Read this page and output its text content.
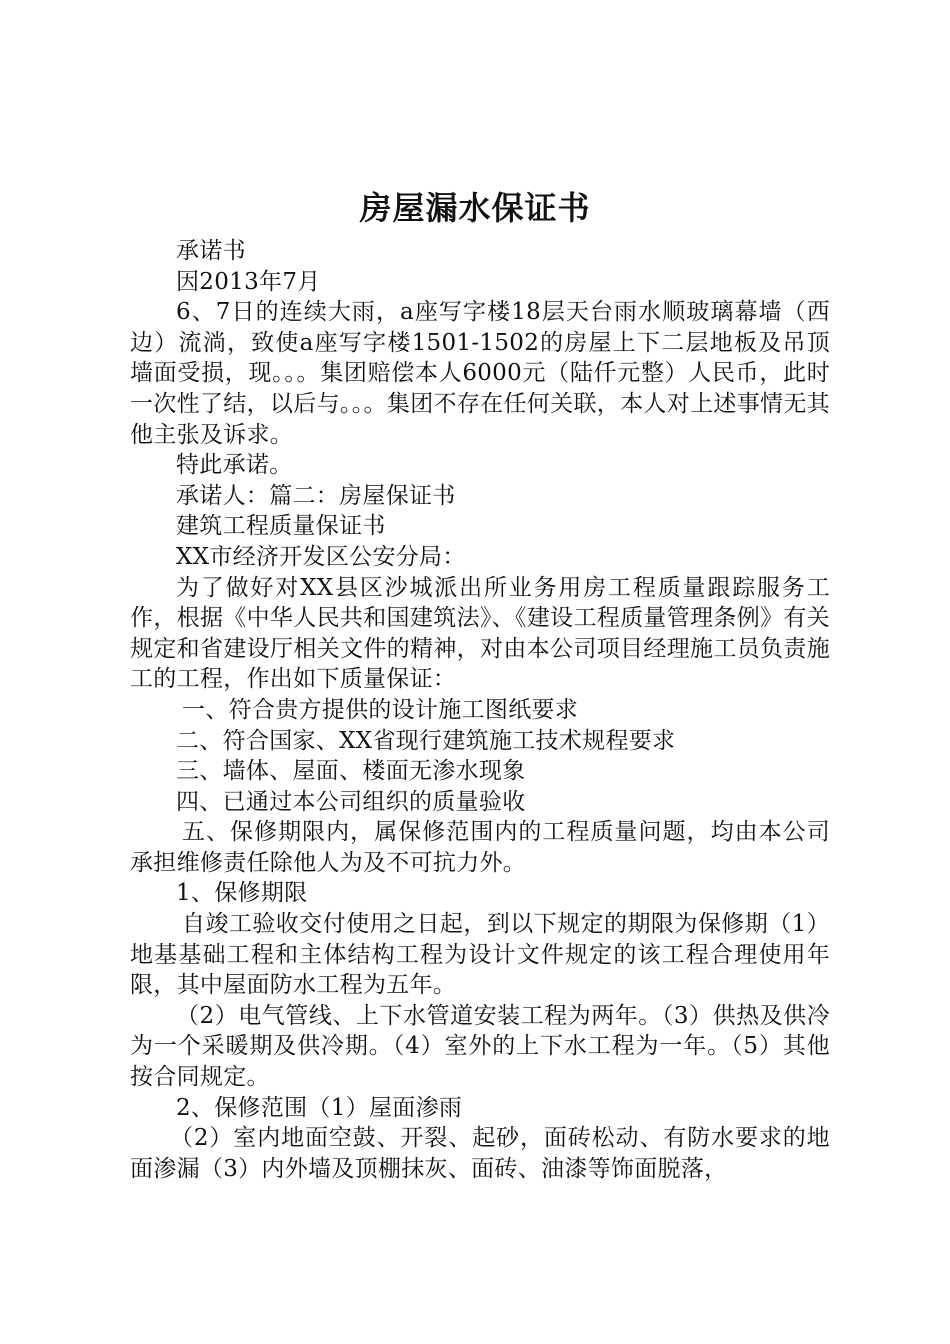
房屋漏水保证书

承诺书

因2013年7月

6、7日的连续大雨，a座写字楼18层天台雨水顺玻璃幕墙（西边）流淌，致使a座写字楼1501-1502的房屋上下二层地板及吊顶墙面受损，现。。。集团赔偿本人6000元（陆仟元整）人民币，此时一次性了结，以后与。。。集团不存在任何关联，本人对上述事情无其他主张及诉求。

特此承诺。

承诺人：篇二：房屋保证书

建筑工程质量保证书

XX市经济开发区公安分局：

为了做好对XX县区沙城派出所业务用房工程质量跟踪服务工作，根据《中华人民共和国建筑法》、《建设工程质量管理条例》有关规定和省建设厅相关文件的精神，对由本公司项目经理施工员负责施工的工程，作出如下质量保证：

一、符合贵方提供的设计施工图纸要求

二、符合国家、XX省现行建筑施工技术规程要求

三、墙体、屋面、楼面无渗水现象

四、已通过本公司组织的质量验收

五、保修期限内，属保修范围内的工程质量问题，均由本公司承担维修责任除他人为及不可抗力外。

1、保修期限

自竣工验收交付使用之日起，到以下规定的期限为保修期（1）地基基础工程和主体结构工程为设计文件规定的该工程合理使用年限，其中屋面防水工程为五年。

（2）电气管线、上下水管道安装工程为两年。（3）供热及供冷为一个采暖期及供冷期。（4）室外的上下水工程为一年。（5）其他按合同规定。

2、保修范围（1）屋面渗雨

（2）室内地面空鼓、开裂、起砂，面砖松动、有防水要求的地面渗漏（3）内外墙及顶棚抹灰、面砖、油漆等饰面脱落，
